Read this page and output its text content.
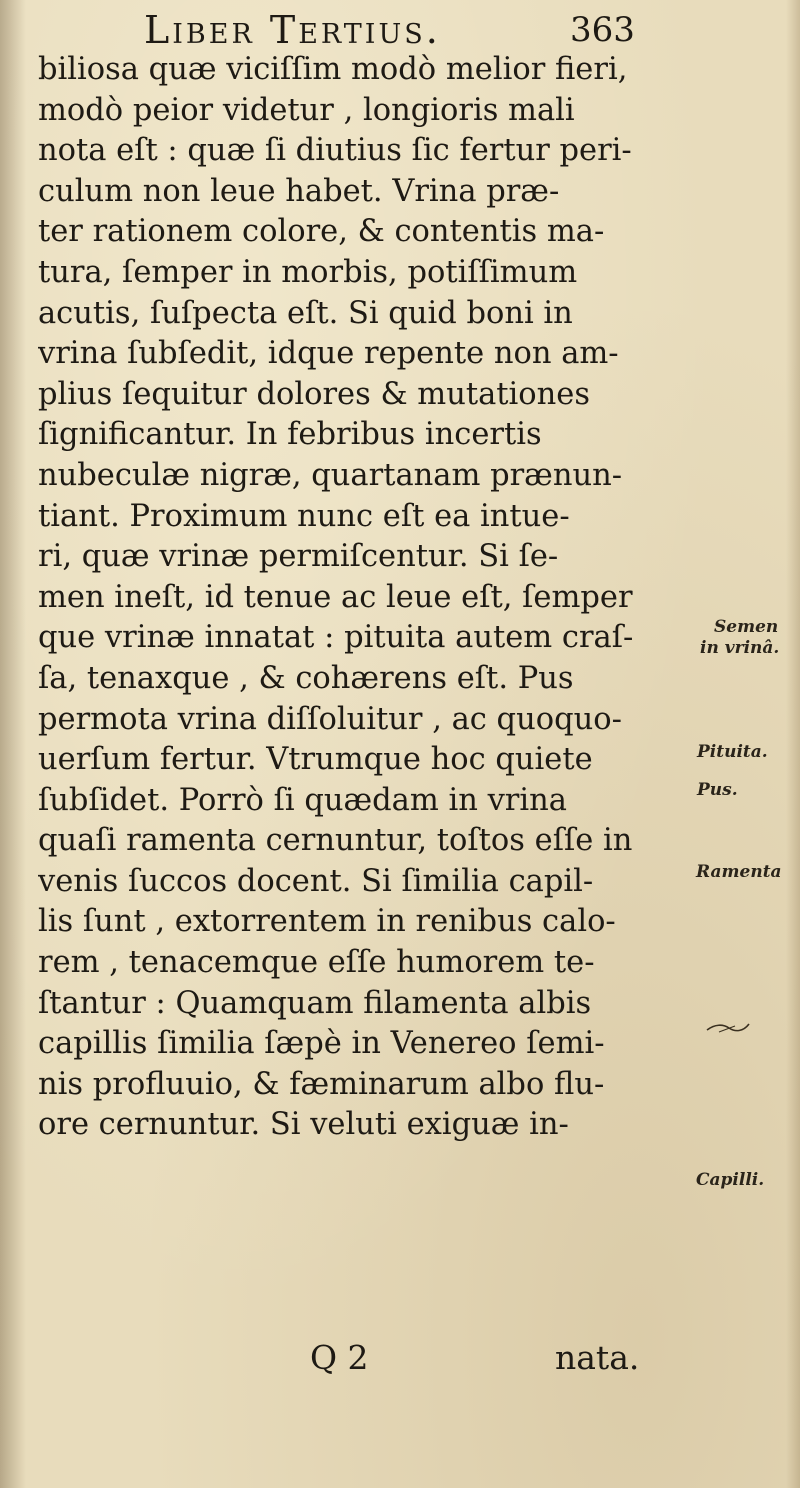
Liber Tertius.	363
biliosa quæ viciſſim modò melior fieri,
modò peior videtur , longioris mali
nota eſt : quæ ſi diutius ſic fertur peri-
culum non leue habet. Vrina præ-
ter rationem colore, & contentis ma-
tura, ſemper in morbis, potiſſimum
acutis, ſuſpecta eſt. Si quid boni in
vrina ſubſedit, idque repente non am-
plius ſequitur dolores & mutationes
ſignificantur. In febribus incertis
nubeculæ nigræ, quartanam prænun-
tiant. Proximum nunc eſt ea intue-
ri, quæ vrinæ permiſcentur. Si ſe-
men ineſt, id tenue ac leue eſt, ſemper
que vrinæ innatat : pituita autem craſ-
ſa, tenaxque , & cohærens eſt. Pus
permota vrina diſſoluitur , ac quoquo-
uerſum fertur. Vtrumque hoc quiete
ſubſidet. Porrò ſi quædam in vrina
quaſi ramenta cernuntur, toſtos eſſe in
venis ſuccos docent. Si ſimilia capil-
lis ſunt , extorrentem in renibus calo-
rem , tenacemque eſſe humorem te-
ſtantur : Quamquam filamenta albis
capillis ſimilia ſæpè in Venereo ſemi-
nis profluuio, & fæminarum albo flu-
ore cernuntur. Si veluti exiguæ in-
Q 2	nata.
Semen
in vrinâ.
Pituita.
Pus.
Ramenta
Capilli.
